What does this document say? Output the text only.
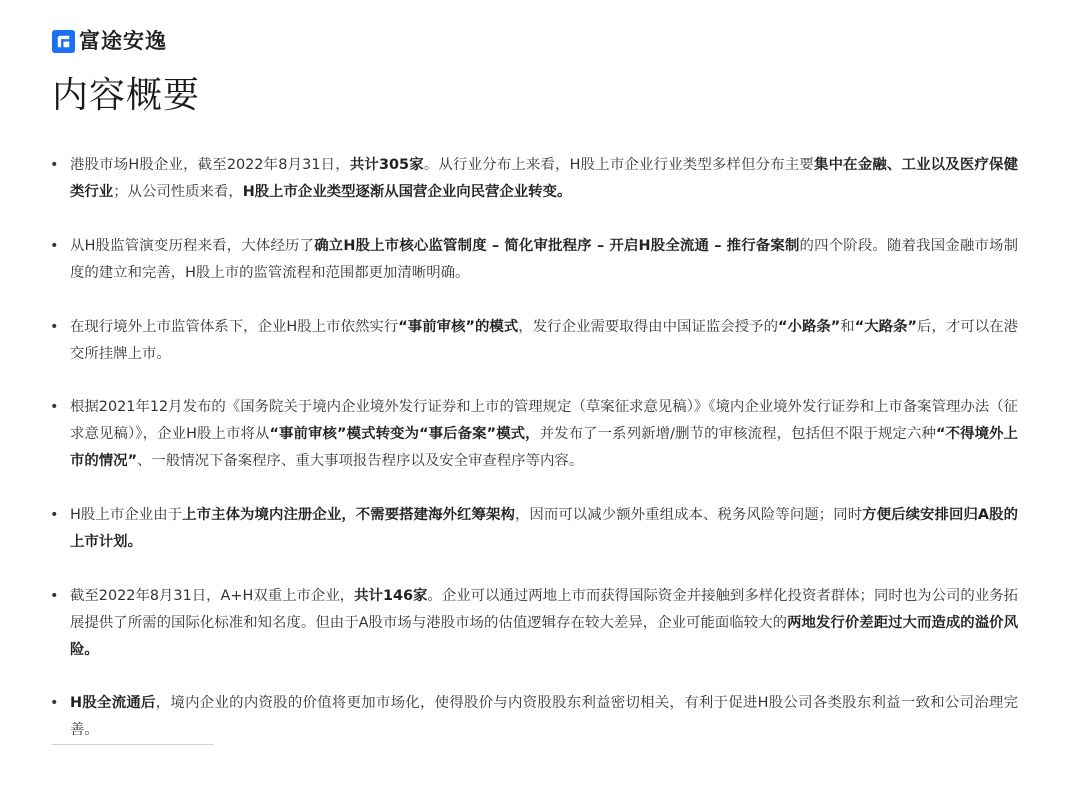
富途安逸
内容概要
• 港股市场H股企业，截至2022年8月31日，共计305家。从行业分布上来看，H股上市企业行业类型多样但分布主要集中在金融、工业以及医疗保健类行业；从公司性质来看，H股上市企业类型逐渐从国营企业向民营企业转变。
• 从H股监管演变历程来看，大体经历了确立H股上市核心监管制度 – 简化审批程序 – 开启H股全流通 – 推行备案制的四个阶段。随着我国金融市场制度的建立和完善，H股上市的监管流程和范围都更加清晰明确。
• 在现行境外上市监管体系下，企业H股上市依然实行“事前审核”的模式，发行企业需要取得由中国证监会授予的“小路条”和“大路条”后，才可以在港交所挂牌上市。
• 根据2021年12月发布的《国务院关于境内企业境外发行证券和上市的管理规定（草案征求意见稿）》《境内企业境外发行证券和上市备案管理办法（征求意见稿）》，企业H股上市将从“事前审核”模式转变为“事后备案”模式，并发布了一系列新增/删节的审核流程，包括但不限于规定六种“不得境外上市的情况”、一般情况下备案程序、重大事项报告程序以及安全审查程序等内容。
• H股上市企业由于上市主体为境内注册企业，不需要搭建海外红筹架构，因而可以减少额外重组成本、税务风险等问题；同时方便后续安排回归A股的上市计划。
• 截至2022年8月31日，A+H双重上市企业，共计146家。企业可以通过两地上市而获得国际资金并接触到多样化投资者群体；同时也为公司的业务拓展提供了所需的国际化标准和知名度。但由于A股市场与港股市场的估值逻辑存在较大差异，企业可能面临较大的两地发行价差距过大而造成的溢价风险。
• H股全流通后，境内企业的内资股的价值将更加市场化，使得股价与内资股股东利益密切相关，有利于促进H股公司各类股东利益一致和公司治理完善。
